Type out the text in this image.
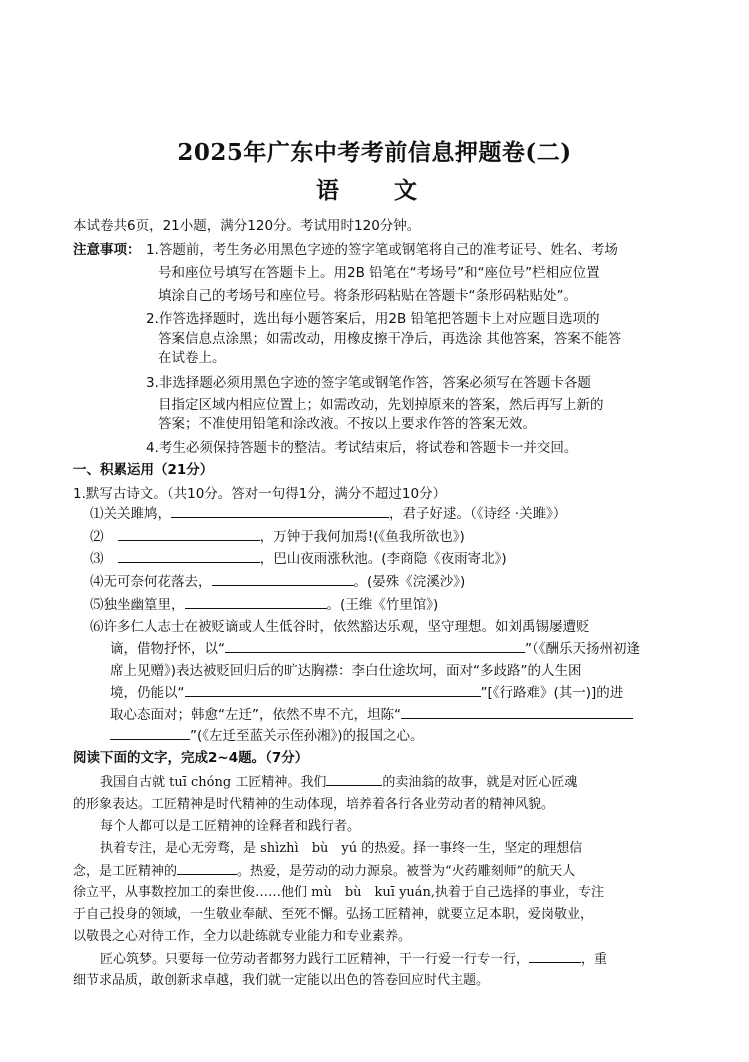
2025年广东中考考前信息押题卷(二)
语　文
本试卷共6页，21小题，满分120分。考试用时120分钟。
注意事项： 1.答题前，考生务必用黑色字迹的签字笔或钢笔将自己的准考证号、姓名、考场
号和座位号填写在答题卡上。用2B 铅笔在“考场号”和“座位号”栏相应位置
填涂自己的考场号和座位号。将条形码粘贴在答题卡“条形码粘贴处”。
2.作答选择题时，选出每小题答案后，用2B 铅笔把答题卡上对应题目选项的
答案信息点涂黑；如需改动，用橡皮擦干净后，再选涂 其他答案，答案不能答
在试卷上。
3.非选择题必须用黑色字迹的签字笔或钢笔作答，答案必须写在答题卡各题
目指定区域内相应位置上；如需改动，先划掉原来的答案，然后再写上新的
答案；不准使用铅笔和涂改液。不按以上要求作答的答案无效。
4.考生必须保持答题卡的整洁。考试结束后，将试卷和答题卡一并交回。
一、积累运用（21分）
1.默写古诗文。（共10分。答对一句得1分，满分不超过10分）
⑴关关雎鸠，	，君子好逑。（《诗经 ·关雎》）
⑵	，万钟于我何加焉!(《鱼我所欲也》)
⑶	，巴山夜雨涨秋池。(李商隐《夜雨寄北》)
⑷无可奈何花落去，	。(晏殊《浣溪沙》)
⑸独坐幽篁里，	。(王维《竹里馆》)
⑹许多仁人志士在被贬谪或人生低谷时，依然豁达乐观，坚守理想。如刘禹锡屡遭贬
谪，借物抒怀，以“	”（《酬乐天扬州初逢
席上见赠》)表达被贬回归后的旷达胸襟：李白仕途坎坷，面对“多歧路”的人生困
境，仍能以“	”[《行路难》(其一)]的进
取心态面对；韩愈“左迁”，依然不卑不亢，坦陈“
”(《左迁至蓝关示侄孙湘》)的报国之心。
阅读下面的文字，完成2~4题。（7分）
我国自古就 tuī chóng 工匠精神。我们	的卖油翁的故事，就是对匠心匠魂
的形象表达。工匠精神是时代精神的生动体现，培养着各行各业劳动者的精神风貌。
每个人都可以是工匠精神的诠释者和践行者。
执着专注，是心无旁骛，是 shìzhì　bù　yú 的热爱。择一事终一生，坚定的理想信
念，是工匠精神的	。热爱，是劳动的动力源泉。被誉为“火药雕刻师”的航天人
徐立平，从事数控加工的秦世俊……他们 mù　bù　kuī yuán,执着于自己选择的事业，专注
于自己投身的领域，一生敬业奉献、至死不懈。弘扬工匠精神，就要立足本职，爱岗敬业，
以敬畏之心对待工作，全力以赴练就专业能力和专业素养。
匠心筑梦。只要每一位劳动者都努力践行工匠精神，干一行爱一行专一行，	，重
细节求品质，敢创新求卓越，我们就一定能以出色的答卷回应时代主题。
